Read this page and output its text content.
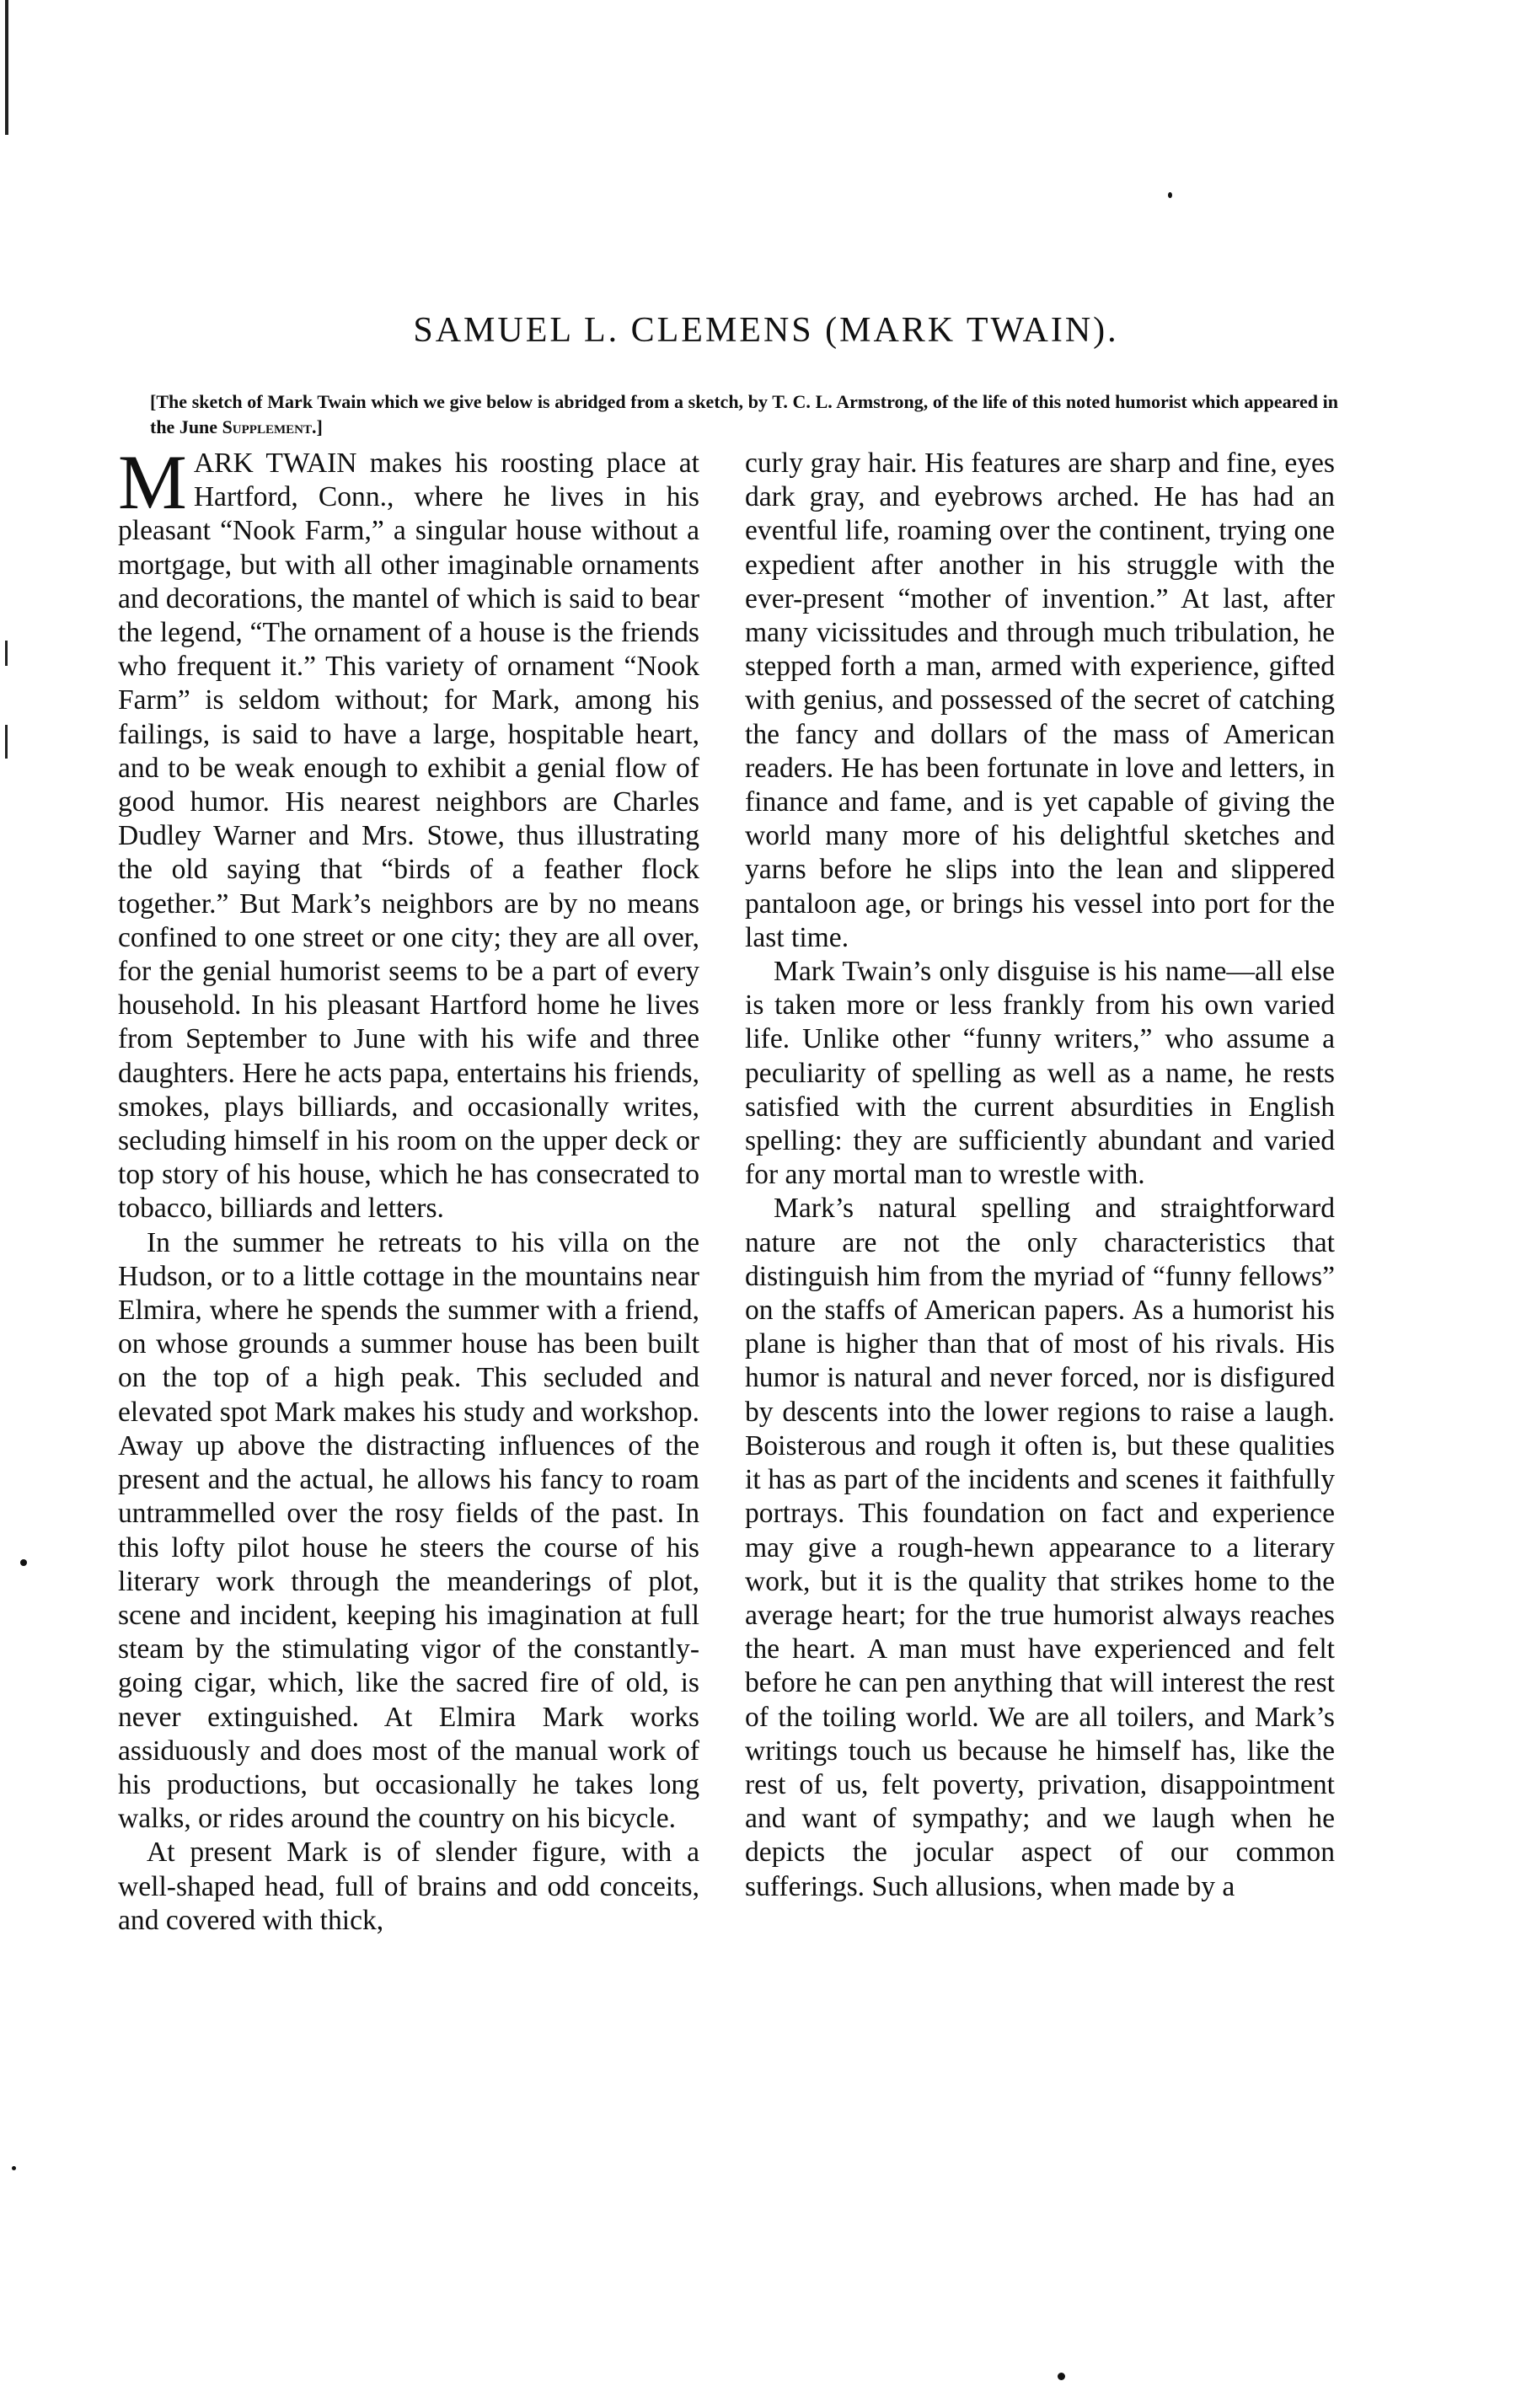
SAMUEL L. CLEMENS (MARK TWAIN).

[The sketch of Mark Twain which we give below is abridged from a sketch, by T. C. L. Armstrong, of the life of this noted humorist which appeared in the June Supplement.]

MARK TWAIN makes his roosting place at Hartford, Conn., where he lives in his pleasant “Nook Farm,” a singular house without a mortgage, but with all other imaginable ornaments and decorations, the mantel of which is said to bear the legend, “The ornament of a house is the friends who frequent it.” This variety of ornament “Nook Farm” is seldom without; for Mark, among his failings, is said to have a large, hospitable heart, and to be weak enough to exhibit a genial flow of good humor. His nearest neighbors are Charles Dudley Warner and Mrs. Stowe, thus illustrating the old saying that “birds of a feather flock together.” But Mark’s neighbors are by no means confined to one street or one city; they are all over, for the genial humorist seems to be a part of every household. In his pleasant Hartford home he lives from September to June with his wife and three daughters. Here he acts papa, entertains his friends, smokes, plays billiards, and occasionally writes, secluding himself in his room on the upper deck or top story of his house, which he has consecrated to tobacco, billiards and letters.

In the summer he retreats to his villa on the Hudson, or to a little cottage in the mountains near Elmira, where he spends the summer with a friend, on whose grounds a summer house has been built on the top of a high peak. This secluded and elevated spot Mark makes his study and workshop. Away up above the distracting influences of the present and the actual, he allows his fancy to roam untrammelled over the rosy fields of the past. In this lofty pilot house he steers the course of his literary work through the meanderings of plot, scene and incident, keeping his imagination at full steam by the stimulating vigor of the constantly-going cigar, which, like the sacred fire of old, is never extinguished. At Elmira Mark works assiduously and does most of the manual work of his productions, but occasionally he takes long walks, or rides around the country on his bicycle.

At present Mark is of slender figure, with a well-shaped head, full of brains and odd conceits, and covered with thick,

curly gray hair. His features are sharp and fine, eyes dark gray, and eyebrows arched. He has had an eventful life, roaming over the continent, trying one expedient after another in his struggle with the ever-present “mother of invention.” At last, after many vicissitudes and through much tribulation, he stepped forth a man, armed with experience, gifted with genius, and possessed of the secret of catching the fancy and dollars of the mass of American readers. He has been fortunate in love and letters, in finance and fame, and is yet capable of giving the world many more of his delightful sketches and yarns before he slips into the lean and slippered pantaloon age, or brings his vessel into port for the last time.

Mark Twain’s only disguise is his name—all else is taken more or less frankly from his own varied life. Unlike other “funny writers,” who assume a peculiarity of spelling as well as a name, he rests satisfied with the current absurdities in English spelling: they are sufficiently abundant and varied for any mortal man to wrestle with.

Mark’s natural spelling and straightforward nature are not the only characteristics that distinguish him from the myriad of “funny fellows” on the staffs of American papers. As a humorist his plane is higher than that of most of his rivals. His humor is natural and never forced, nor is disfigured by descents into the lower regions to raise a laugh. Boisterous and rough it often is, but these qualities it has as part of the incidents and scenes it faithfully portrays. This foundation on fact and experience may give a rough-hewn appearance to a literary work, but it is the quality that strikes home to the average heart; for the true humorist always reaches the heart. A man must have experienced and felt before he can pen anything that will interest the rest of the toiling world. We are all toilers, and Mark’s writings touch us because he himself has, like the rest of us, felt poverty, privation, disappointment and want of sympathy; and we laugh when he depicts the jocular aspect of our common sufferings. Such allusions, when made by a
